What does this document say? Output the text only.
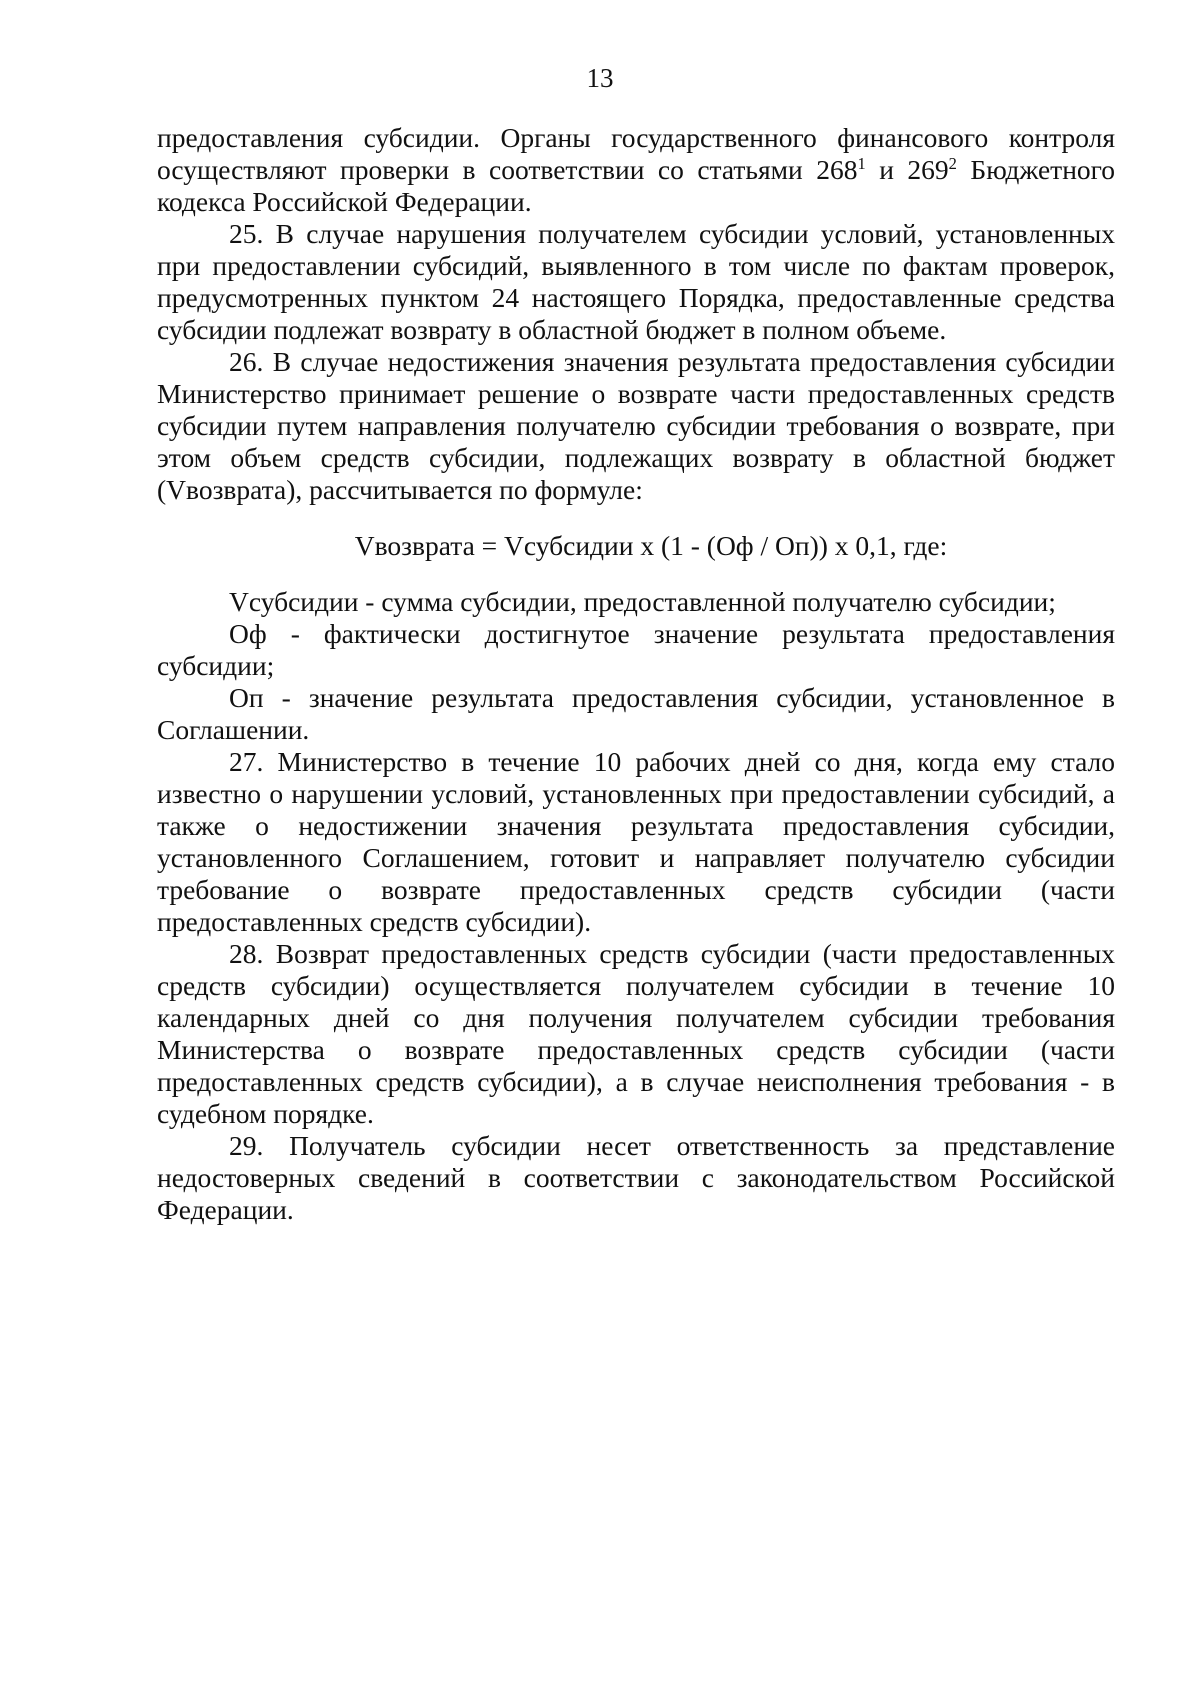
13

предоставления субсидии. Органы государственного финансового контроля осуществляют проверки в соответствии со статьями $268^1$ и $269^2$ Бюджетного кодекса Российской Федерации.

25. В случае нарушения получателем субсидии условий, установленных при предоставлении субсидий, выявленного в том числе по фактам проверок, предусмотренных пунктом 24 настоящего Порядка, предоставленные средства субсидии подлежат возврату в областной бюджет в полном объеме.

26. В случае недостижения значения результата предоставления субсидии Министерство принимает решение о возврате части предоставленных средств субсидии путем направления получателю субсидии требования о возврате, при этом объем средств субсидии, подлежащих возврату в областной бюджет (Vвозврата), рассчитывается по формуле:

Vвозврата = Vсубсидии x (1 - (Оф / Оп)) x 0,1, где:

Vсубсидии - сумма субсидии, предоставленной получателю субсидии;

Оф - фактически достигнутое значение результата предоставления субсидии;

Оп - значение результата предоставления субсидии, установленное в Соглашении.

27. Министерство в течение 10 рабочих дней со дня, когда ему стало известно о нарушении условий, установленных при предоставлении субсидий, а также о недостижении значения результата предоставления субсидии, установленного Соглашением, готовит и направляет получателю субсидии требование о возврате предоставленных средств субсидии (части предоставленных средств субсидии).

28. Возврат предоставленных средств субсидии (части предоставленных средств субсидии) осуществляется получателем субсидии в течение 10 календарных дней со дня получения получателем субсидии требования Министерства о возврате предоставленных средств субсидии (части предоставленных средств субсидии), а в случае неисполнения требования - в судебном порядке.

29. Получатель субсидии несет ответственность за представление недостоверных сведений в соответствии с законодательством Российской Федерации.
